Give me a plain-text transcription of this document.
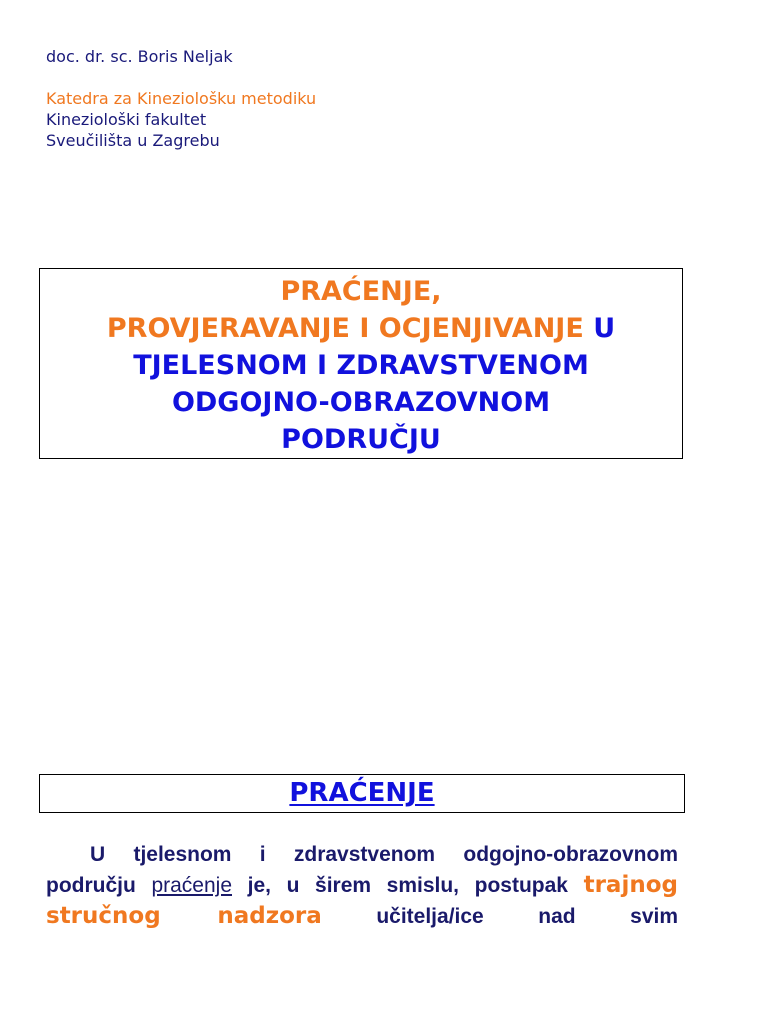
doc. dr. sc. Boris Neljak
Katedra za Kineziološku metodiku
Kineziološki fakultet
Sveučilišta u Zagrebu
PRAĆENJE,
PROVJERAVANJE I OCJENJIVANJE U
TJELESNOM I ZDRAVSTVENOM
ODGOJNO-OBRAZOVNOM
PODRUČJU
PRAĆENJE
U tjelesnom i zdravstvenom odgojno-obrazovnom području praćenje je, u širem smislu, postupak trajnog stručnog nadzora učitelja/ice nad svim
